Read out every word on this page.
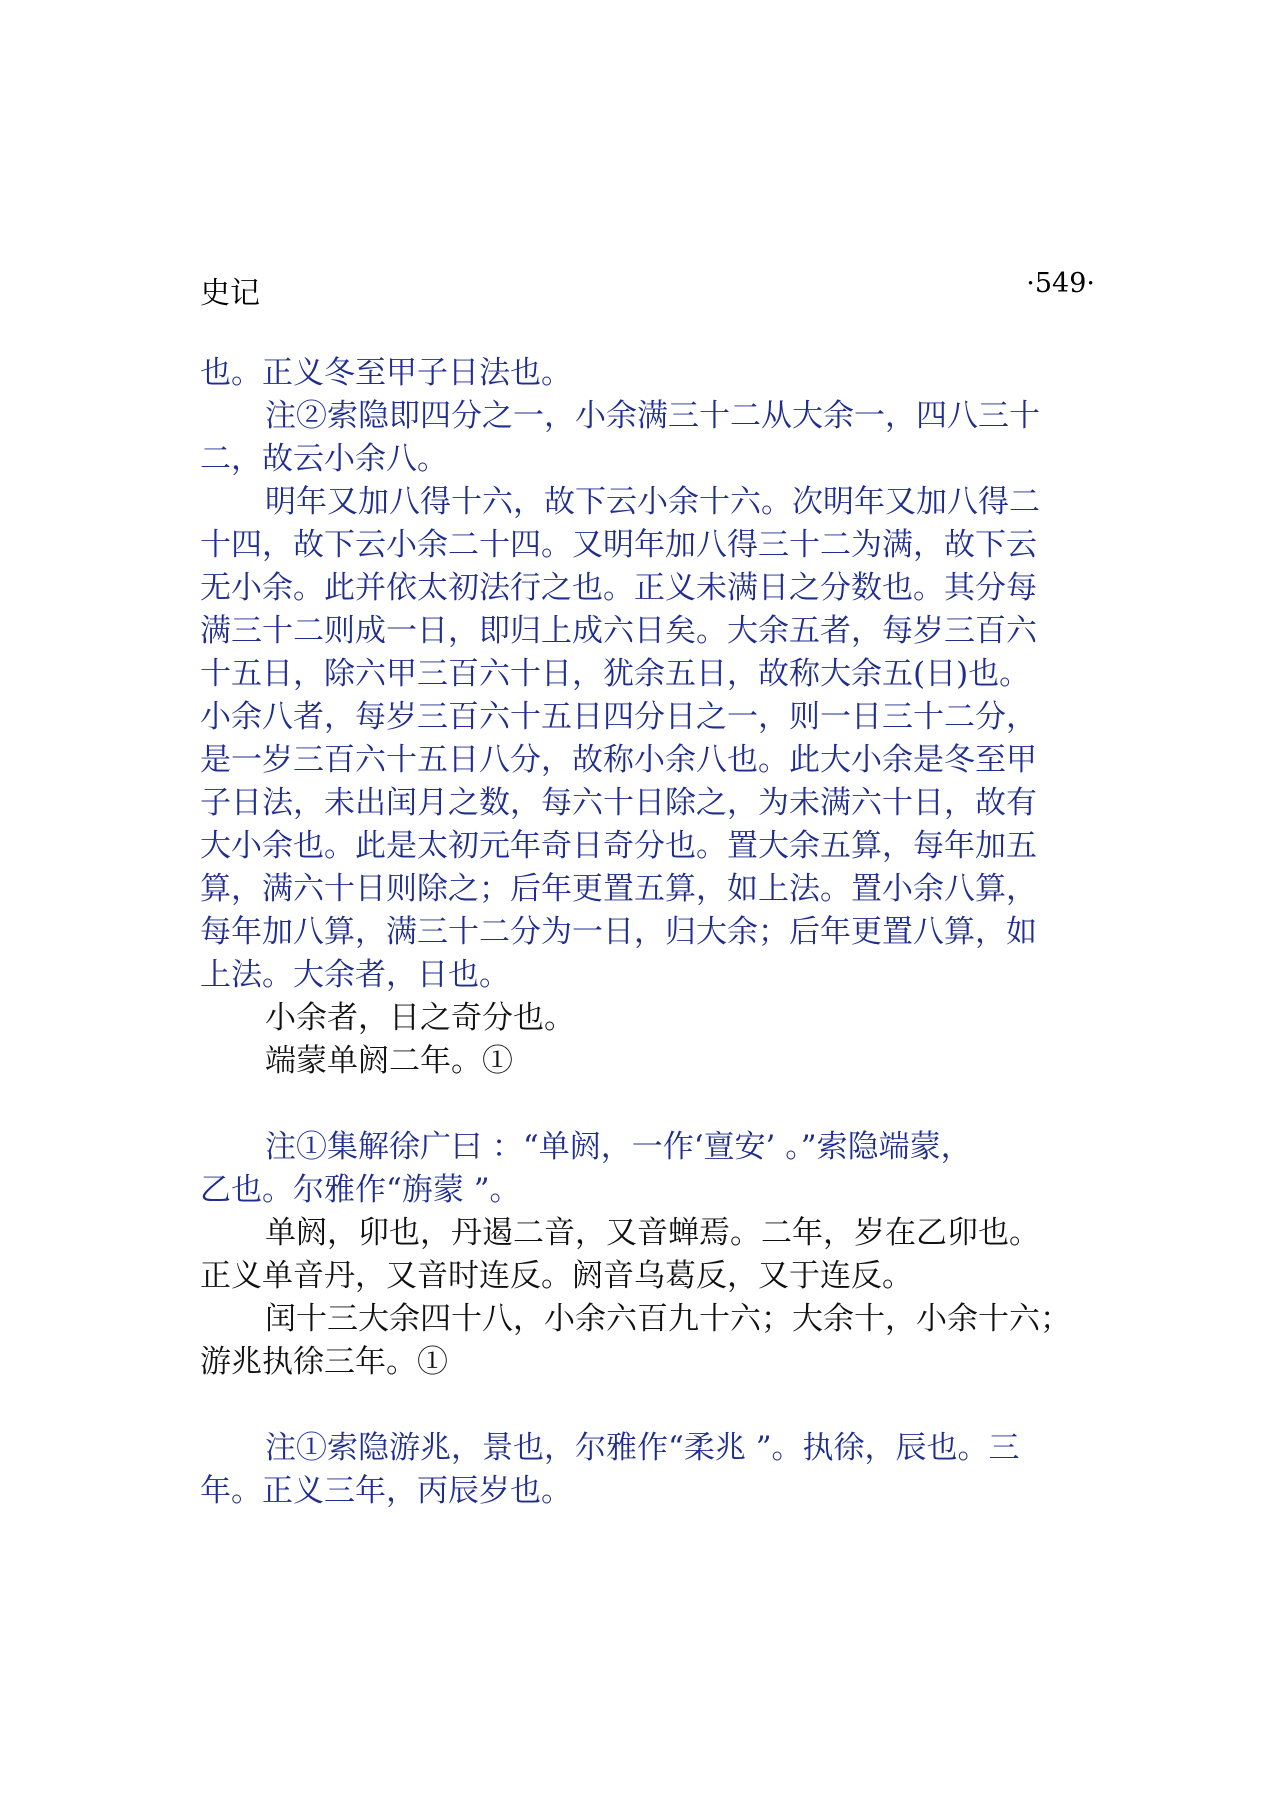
史记	·549·
也。正义冬至甲子日法也。
注②索隐即四分之一，小余满三十二从大余一，四八三十
二，故云小余八。
明年又加八得十六，故下云小余十六。次明年又加八得二
十四，故下云小余二十四。又明年加八得三十二为满，故下云
无小余。此并依太初法行之也。正义未满日之分数也。其分每
满三十二则成一日，即归上成六日矣。大余五者，每岁三百六
十五日，除六甲三百六十日，犹余五日，故称大余五(日)也。
小余八者，每岁三百六十五日四分日之一，则一日三十二分，
是一岁三百六十五日八分，故称小余八也。此大小余是冬至甲
子日法，未出闰月之数，每六十日除之，为未满六十日，故有
大小余也。此是太初元年奇日奇分也。置大余五算，每年加五
算，满六十日则除之；后年更置五算，如上法。置小余八算，
每年加八算，满三十二分为一日，归大余；后年更置八算，如
上法。大余者，日也。
小余者，日之奇分也。
端蒙单阏二年。①
注①集解徐广曰 ：“单阏，一作‘亶安’ 。”索隐端蒙，
乙也。尔雅作“旃蒙 ”。
单阏，卯也，丹遏二音，又音蝉焉。二年，岁在乙卯也。
正义单音丹，又音时连反。阏音乌葛反，又于连反。
闰十三大余四十八，小余六百九十六；大余十，小余十六；
游兆执徐三年。①
注①索隐游兆，景也，尔雅作“柔兆 ”。执徐，辰也。三
年。正义三年，丙辰岁也。
